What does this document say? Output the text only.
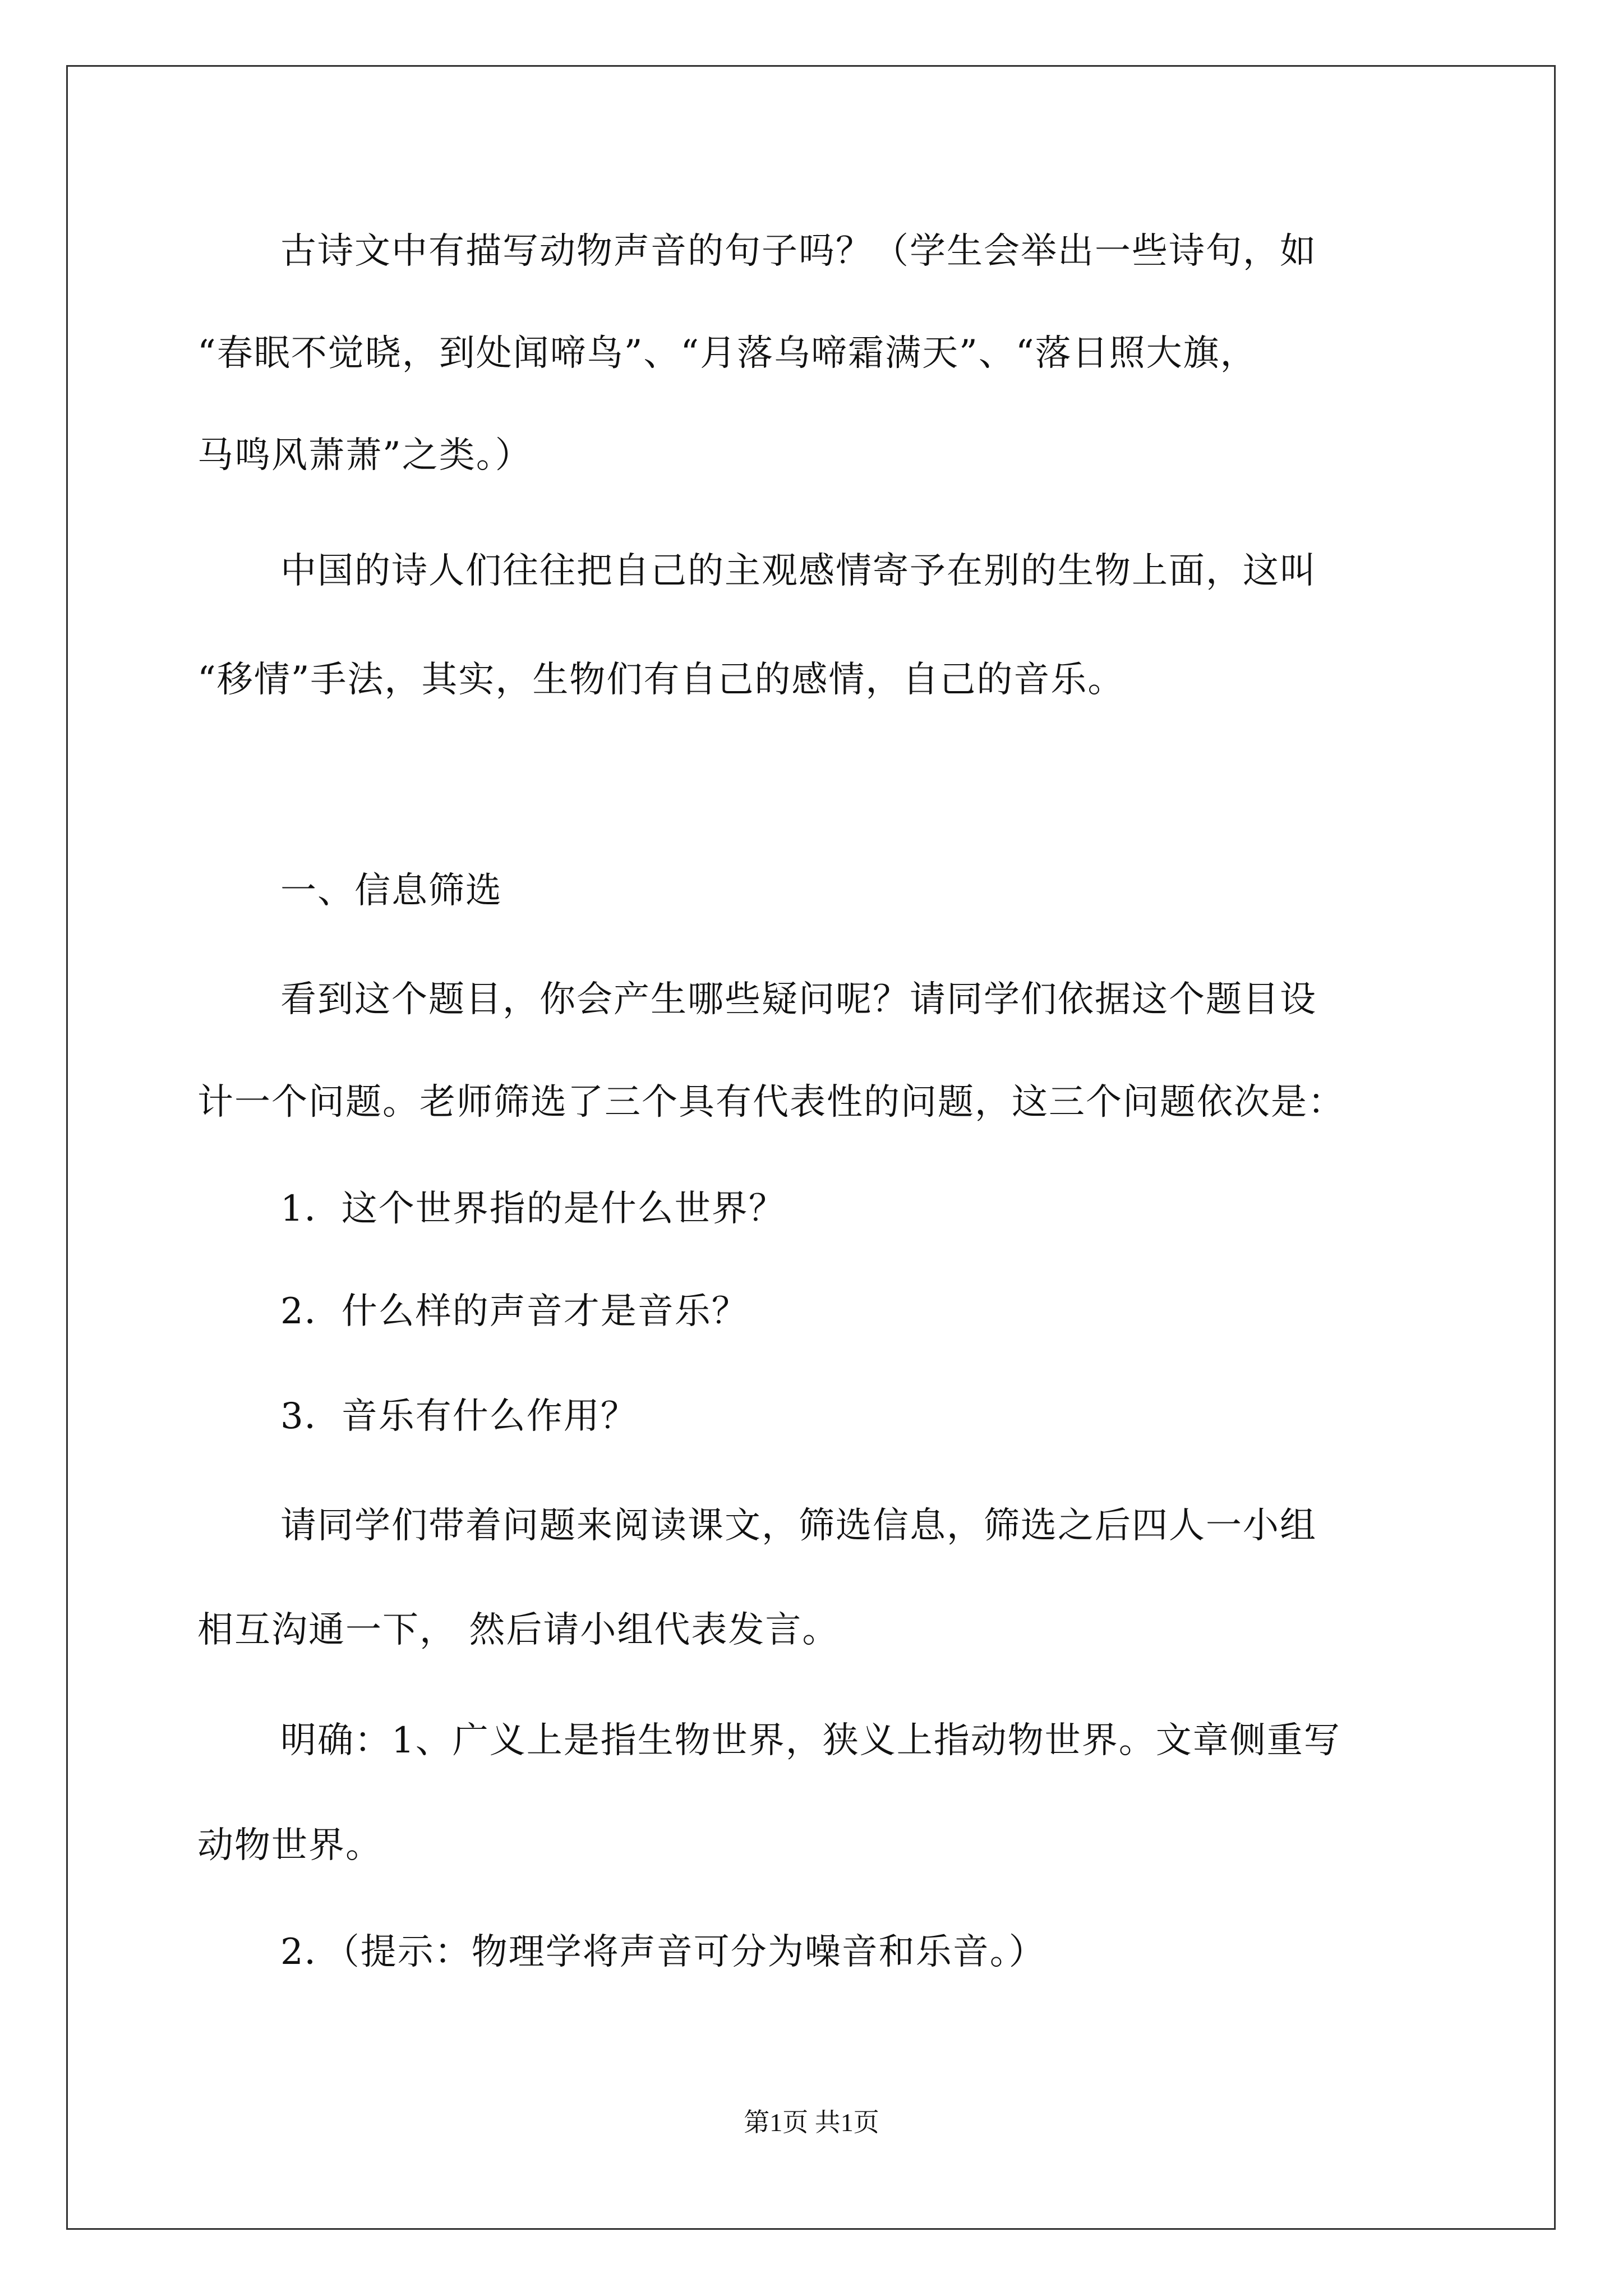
古诗文中有描写动物声音的句子吗？（学生会举出一些诗句，如
“春眠不觉晓，到处闻啼鸟”、“月落乌啼霜满天”、“落日照大旗，
马鸣风萧萧”之类。）
中国的诗人们往往把自己的主观感情寄予在别的生物上面，这叫
“移情”手法，其实，生物们有自己的感情，自己的音乐。
一、信息筛选
看到这个题目，你会产生哪些疑问呢？请同学们依据这个题目设
计一个问题。老师筛选了三个具有代表性的问题，这三个问题依次是：
1．这个世界指的是什么世界？
2．什么样的声音才是音乐？
3．音乐有什么作用？
请同学们带着问题来阅读课文，筛选信息，筛选之后四人一小组
相互沟通一下， 然后请小组代表发言。
明确：1、广义上是指生物世界，狭义上指动物世界。文章侧重写
动物世界。
2．（提示：物理学将声音可分为噪音和乐音。）
第1页 共1页
